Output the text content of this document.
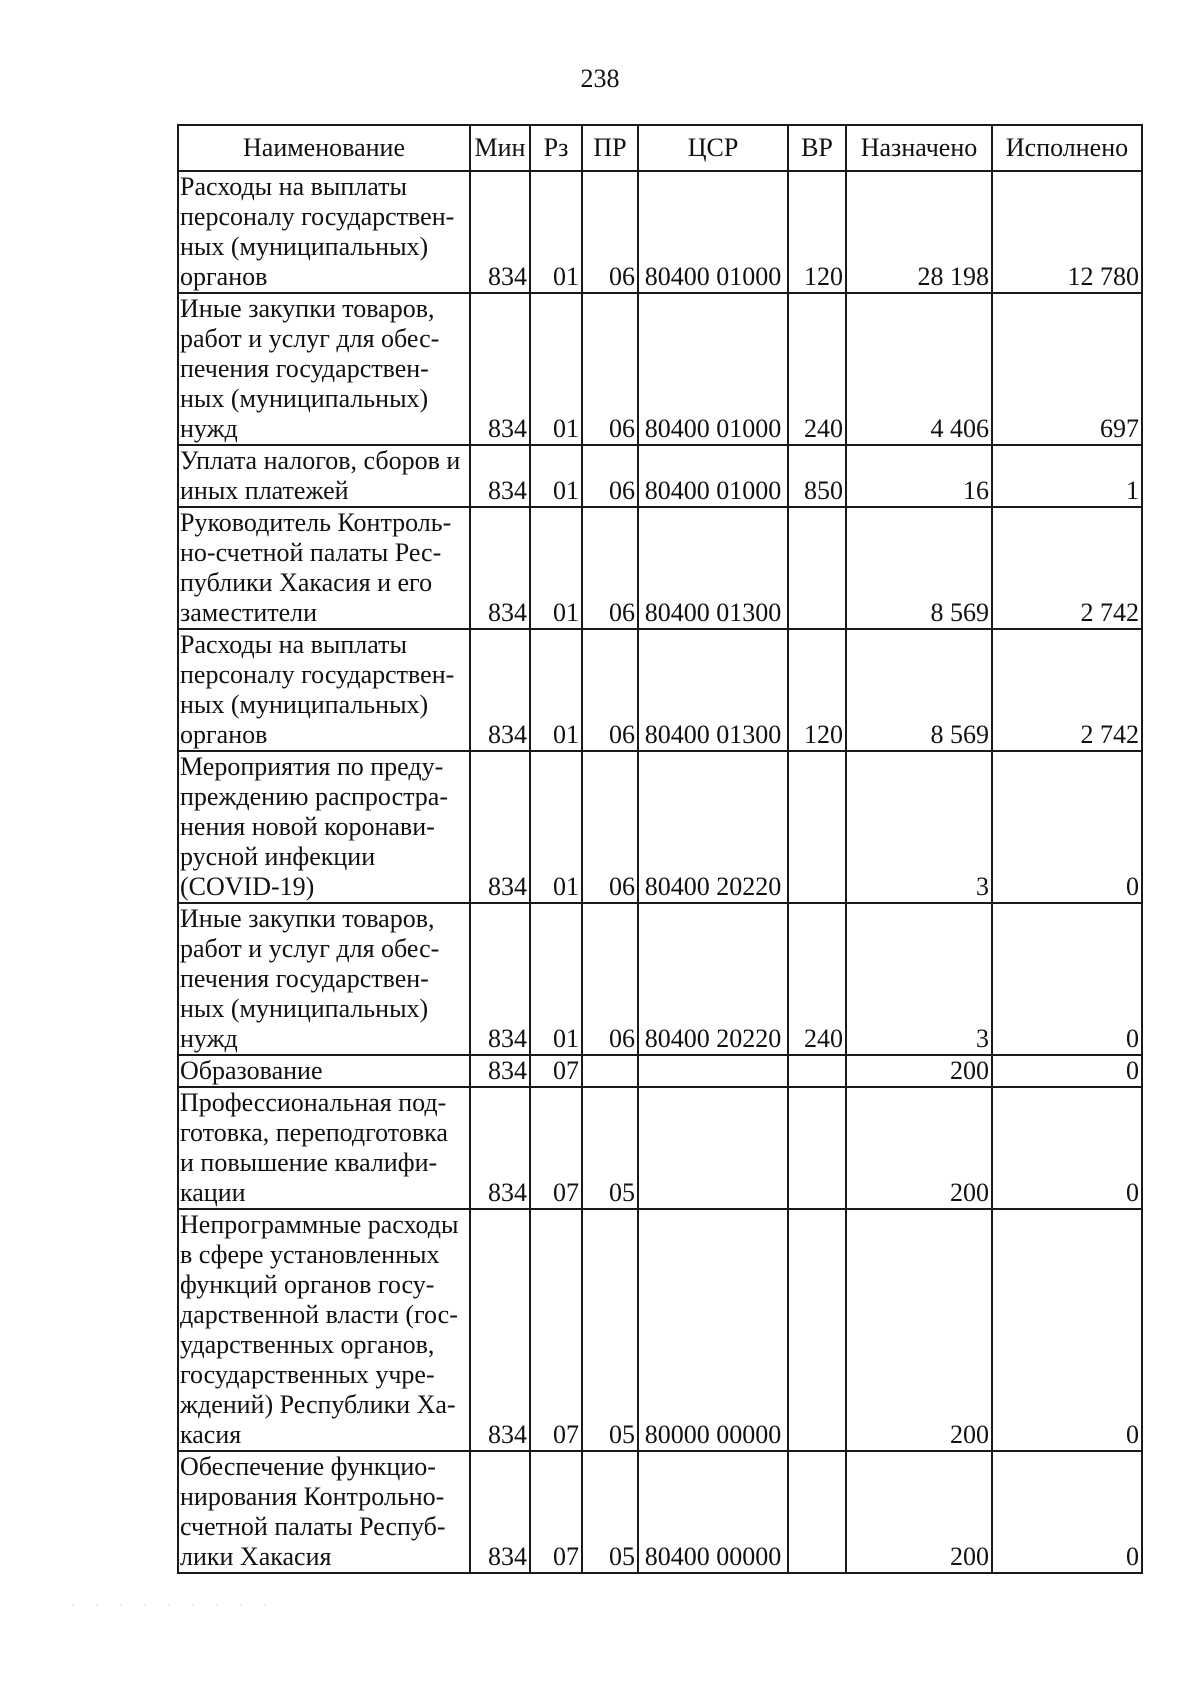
238
Наименование	Мин	Рз	ПР	ЦСР	ВР	Назначено	Исполнено
Расходы на выплаты персоналу государствен-ных (муниципальных) органов	834	01	06	80400 01000	120	28 198	12 780
Иные закупки товаров, работ и услуг для обес-печения государствен-ных (муниципальных) нужд	834	01	06	80400 01000	240	4 406	697
Уплата налогов, сборов и иных платежей	834	01	06	80400 01000	850	16	1
Руководитель Контроль-но-счетной палаты Рес-публики Хакасия и его заместители	834	01	06	80400 01300		8 569	2 742
Расходы на выплаты персоналу государствен-ных (муниципальных) органов	834	01	06	80400 01300	120	8 569	2 742
Мероприятия по преду-преждению распростра-нения новой коронави-русной инфекции (COVID-19)	834	01	06	80400 20220		3	0
Иные закупки товаров, работ и услуг для обес-печения государствен-ных (муниципальных) нужд	834	01	06	80400 20220	240	3	0
Образование	834	07				200	0
Профессиональная под-готовка, переподготовка и повышение квалифи-кации	834	07	05			200	0
Непрограммные расходы в сфере установленных функций органов госу-дарственной власти (гос-ударственных органов, государственных учре-ждений) Республики Ха-касия	834	07	05	80000 00000		200	0
Обеспечение функцио-нирования Контрольно-счетной палаты Респуб-лики Хакасия	834	07	05	80400 00000		200	0
· · · · · · · · ·
